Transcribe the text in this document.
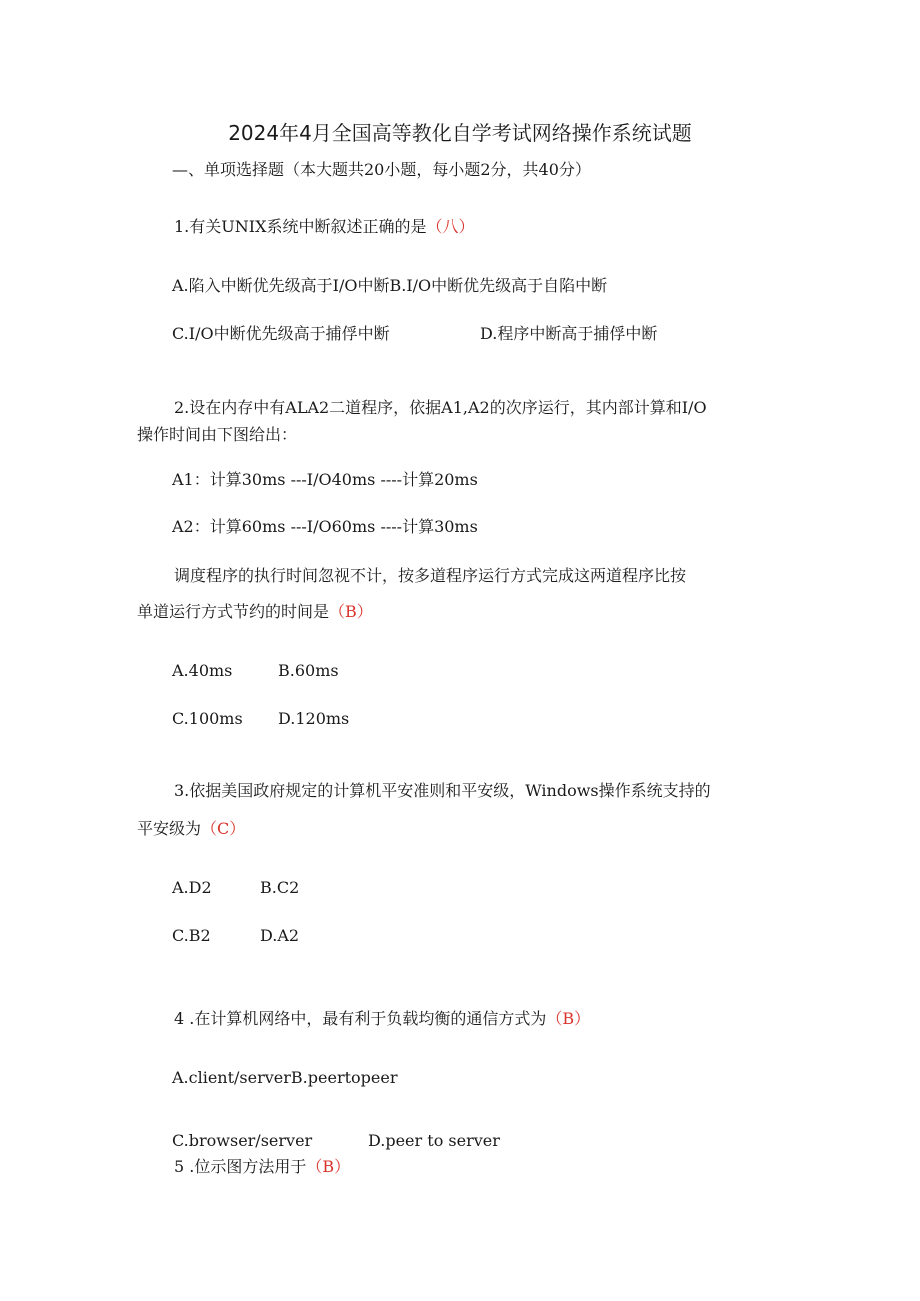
2024年4月全国高等教化自学考试网络操作系统试题
—、单项选择题（本大题共20小题，每小题2分，共40分）
1.有关UNIX系统中断叙述正确的是（八）
A.陷入中断优先级高于I/O中断B.I/O中断优先级高于自陷中断
C.I/O中断优先级高于捕俘中断	D.程序中断高于捕俘中断
2.设在内存中有ALA2二道程序，依据A1,A2的次序运行，其内部计算和I/O
操作时间由下图给出：
A1：计算30ms ---I/O40ms ----计算20ms
A2：计算60ms ---I/O60ms ----计算30ms
调度程序的执行时间忽视不计，按多道程序运行方式完成这两道程序比按
单道运行方式节约的时间是（B）
A.40ms	B.60ms
C.100ms D.120ms
3.依据美国政府规定的计算机平安准则和平安级，Windows操作系统支持的
平安级为（C）
A.D2	B.C2
C.B2	D.A2
4 .在计算机网络中，最有利于负载均衡的通信方式为（B）
A.client/serverB.peertopeer
C.browser/server	D.peer to server
5 .位示图方法用于（B）
